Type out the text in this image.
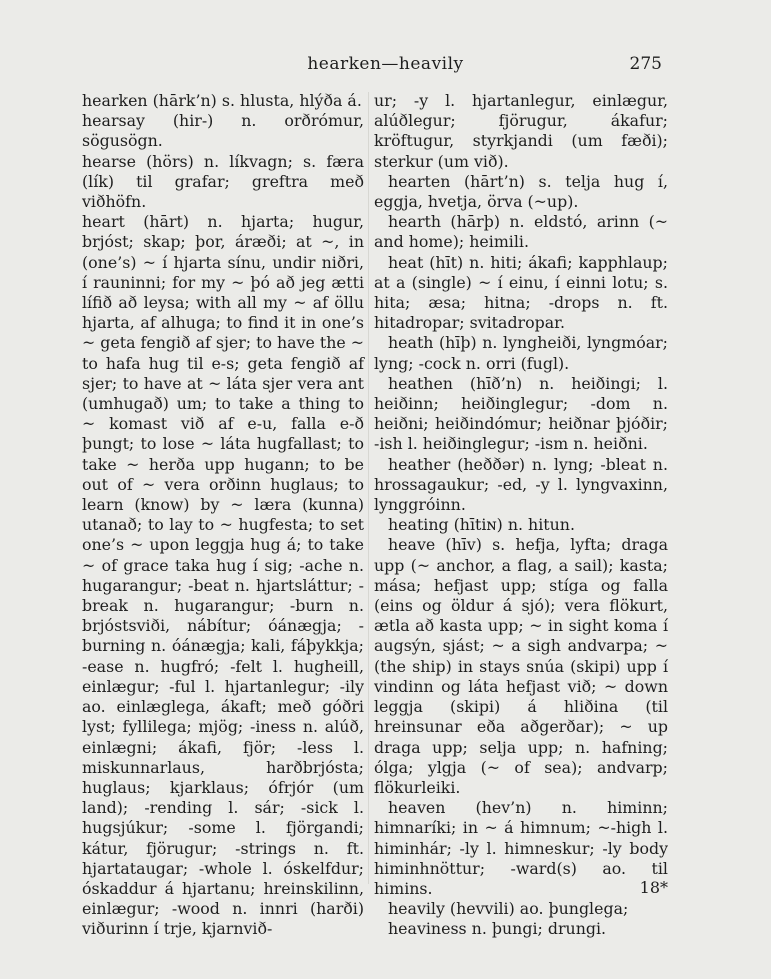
hearken—heavily	275

hearken (hārk’n) s. hlusta, hlýða á.

hearsay (hir-) n. orðrómur, sögusögn.

hearse (hörs) n. líkvagn; s. færa (lík) til grafar; greftra með viðhöfn.

heart (hārt) n. hjarta; hugur, brjóst; skap; þor, áræði; at ~, in (one’s) ~ í hjarta sínu, undir niðri, í rauninni; for my ~ þó að jeg ætti lífið að leysa; with all my ~ af öllu hjarta, af alhuga; to find it in one’s ~ geta fengið af sjer; to have the ~ to hafa hug til e-s; geta fengið af sjer; to have at ~ láta sjer vera ant (umhugað) um; to take a thing to ~ komast við af e-u, falla e-ð þungt; to lose ~ láta hugfallast; to take ~ herða upp hugann; to be out of ~ vera orðinn huglaus; to learn (know) by ~ læra (kunna) utanað; to lay to ~ hugfesta; to set one’s ~ upon leggja hug á; to take ~ of grace taka hug í sig; -ache n. hugarangur; -beat n. hjartsláttur; -break n. hugarangur; -burn n. brjóstsviði, nábítur; óánægja; -burning n. óánægja; kali, fáþykkja; -ease n. hugfró; -felt l. hugheill, einlægur; -ful l. hjartanlegur; -ily ao. einlæglega, ákaft; með góðri lyst; fyllilega; mjög; -iness n. alúð, einlægni; ákafi, fjör; -less l. miskunnarlaus, harðbrjósta; huglaus; kjarklaus; ófrjór (um land); -rending l. sár; -sick l. hugsjúkur; -some l. fjörgandi; kátur, fjörugur; -strings n. ft. hjartataugar; -whole l. óskelfdur; óskaddur á hjartanu; hreinskilinn, einlægur; -wood n. innri (harði) viðurinn í trje, kjarnvið-

ur; -y l. hjartanlegur, einlægur, alúðlegur; fjörugur, ákafur; kröftugur, styrkjandi (um fæði); sterkur (um við).

hearten (hārt’n) s. telja hug í, eggja, hvetja, örva (~up).

hearth (hārþ) n. eldstó, arinn (~ and home); heimili.

heat (hīt) n. hiti; ákafi; kapphlaup; at a (single) ~ í einu, í einni lotu; s. hita; æsa; hitna; -drops n. ft. hitadropar; svitadropar.

heath (hīþ) n. lyngheiði, lyngmóar; lyng; -cock n. orri (fugl).

heathen (hīð’n) n. heiðingi; l. heiðinn; heiðinglegur; -dom n. heiðni; heiðindómur; heiðnar þjóðir; -ish l. heiðinglegur; -ism n. heiðni.

heather (heððər) n. lyng; -bleat n. hrossagaukur; -ed, -y l. lyngvaxinn, lynggróinn.

heating (hītiɴ) n. hitun.

heave (hīv) s. hefja, lyfta; draga upp (~ anchor, a flag, a sail); kasta; mása; hefjast upp; stíga og falla (eins og öldur á sjó); vera flökurt, ætla að kasta upp; ~ in sight koma í augsýn, sjást; ~ a sigh andvarpa; ~ (the ship) in stays snúa (skipi) upp í vindinn og láta hefjast við; ~ down leggja (skipi) á hliðina (til hreinsunar eða aðgerðar); ~ up draga upp; selja upp; n. hafning; ólga; ylgja (~ of sea); andvarp; flökurleiki.

heaven (hev’n) n. himinn; himnaríki; in ~ á himnum; ~-high l. himinhár; -ly l. himneskur; -ly body himinhnöttur; -ward(s) ao. til himins.

heavily (hevvili) ao. þunglega;

heaviness n. þungi; drungi.

18*
